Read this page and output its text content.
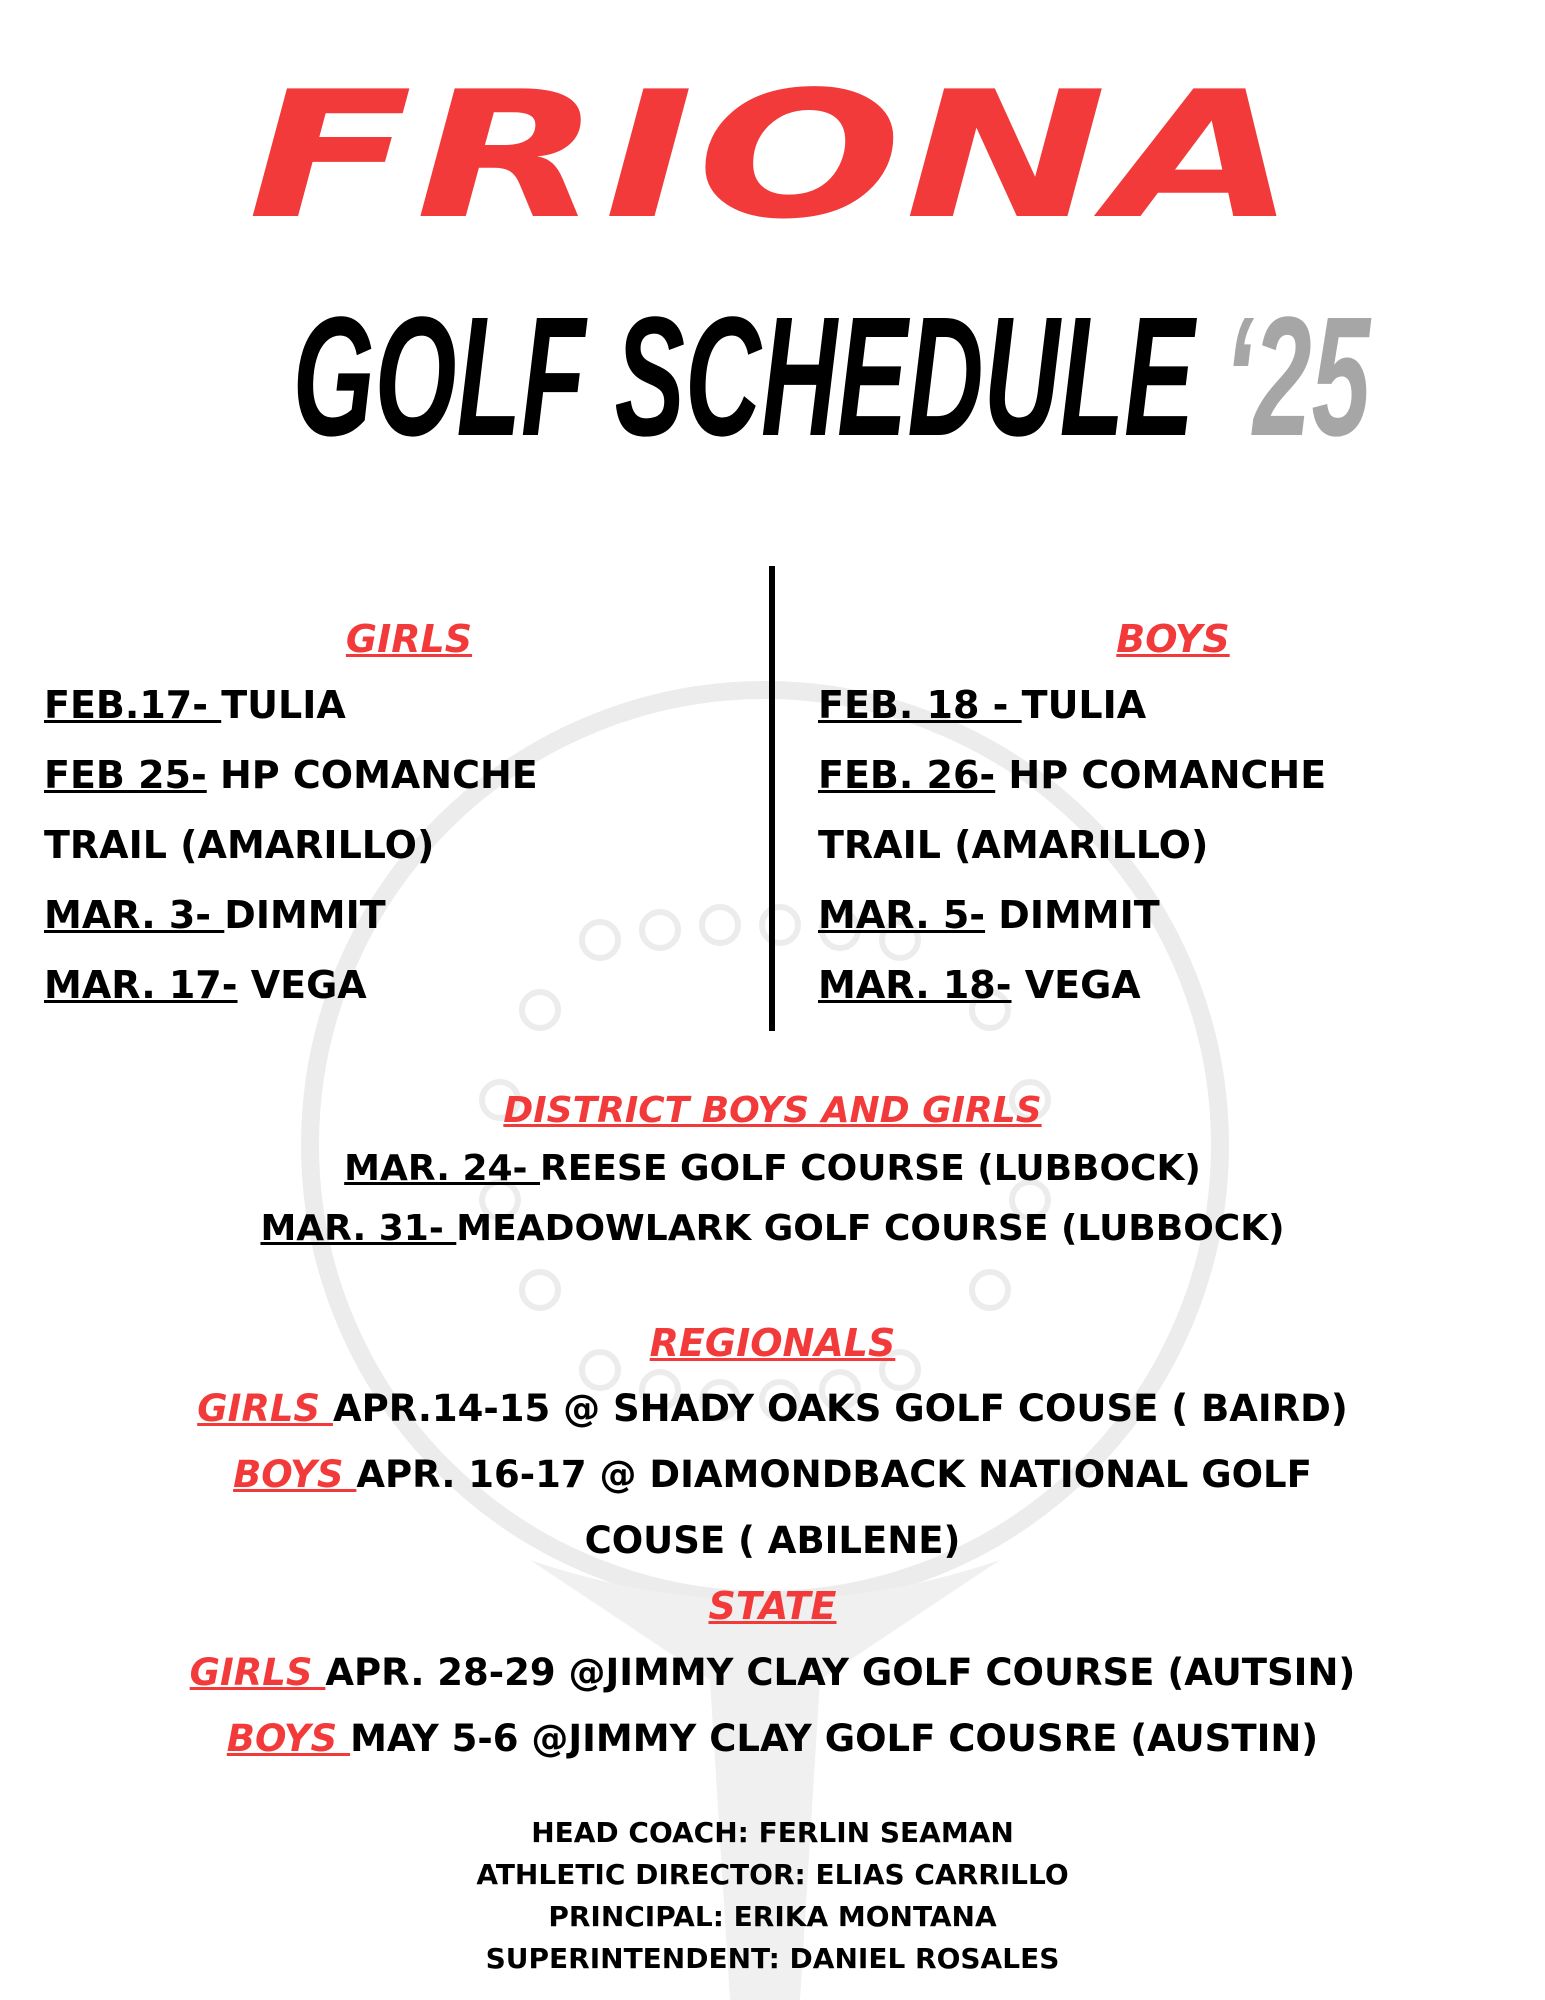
FRIONA
GOLF SCHEDULE ‘25
GIRLS
FEB.17- TULIA
FEB 25- HP COMANCHE
TRAIL (AMARILLO)
MAR. 3- DIMMIT
MAR. 17- VEGA
BOYS
FEB. 18 - TULIA
FEB. 26- HP COMANCHE
TRAIL (AMARILLO)
MAR. 5- DIMMIT
MAR. 18- VEGA
DISTRICT BOYS AND GIRLS
MAR. 24- REESE GOLF COURSE (LUBBOCK)
MAR. 31- MEADOWLARK GOLF COURSE (LUBBOCK)
REGIONALS
GIRLS APR.14-15 @ SHADY OAKS GOLF COUSE ( BAIRD)
BOYS APR. 16-17 @ DIAMONDBACK NATIONAL GOLF
COUSE ( ABILENE)
STATE
GIRLS APR. 28-29 @JIMMY CLAY GOLF COURSE (AUTSIN)
BOYS MAY 5-6 @JIMMY CLAY GOLF COUSRE (AUSTIN)
HEAD COACH: FERLIN SEAMAN
ATHLETIC DIRECTOR: ELIAS CARRILLO
PRINCIPAL: ERIKA MONTANA
SUPERINTENDENT: DANIEL ROSALES
